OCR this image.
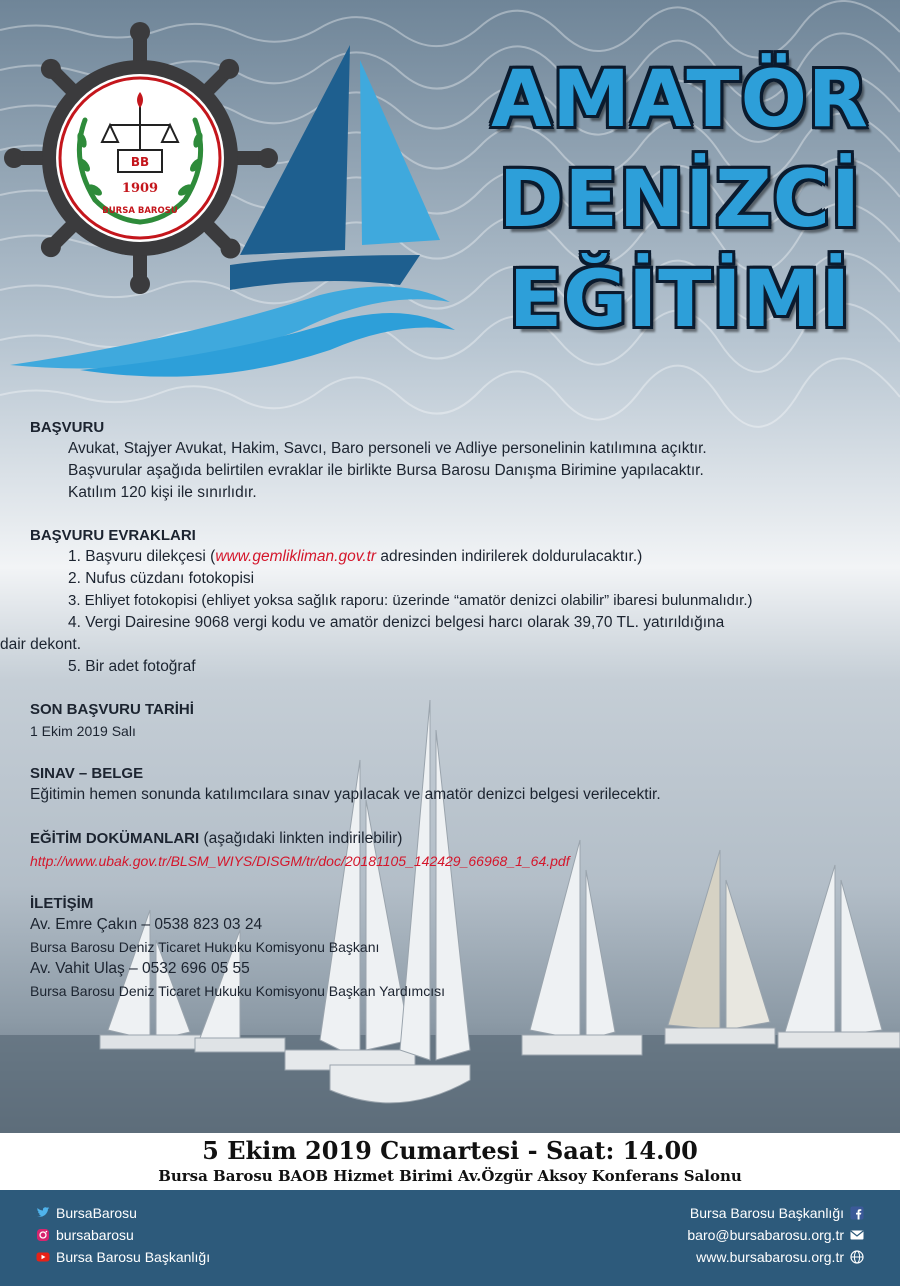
BB
1909
BURSA BAROSU
AMATÖR
DENİZCİ
EĞİTİMİ
BAŞVURU
Avukat, Stajyer Avukat, Hakim, Savcı, Baro personeli ve Adliye personelinin katılımına açıktır.
Başvurular aşağıda belirtilen evraklar ile birlikte Bursa Barosu Danışma Birimine yapılacaktır.
Katılım 120 kişi ile sınırlıdır.
BAŞVURU EVRAKLARI
1. Başvuru dilekçesi (www.gemlikliman.gov.tr adresinden indirilerek doldurulacaktır.)
2. Nufus cüzdanı fotokopisi
3. Ehliyet fotokopisi (ehliyet yoksa sağlık raporu: üzerinde “amatör denizci olabilir” ibaresi bulunmalıdır.)
4. Vergi Dairesine 9068 vergi kodu ve amatör denizci belgesi harcı olarak 39,70 TL. yatırıldığına
dair dekont.
5. Bir adet fotoğraf
SON BAŞVURU TARİHİ
1 Ekim 2019 Salı
SINAV – BELGE
Eğitimin hemen sonunda katılımcılara sınav yapılacak ve amatör denizci belgesi verilecektir.
EĞİTİM DOKÜMANLARI (aşağıdaki linkten indirilebilir)
http://www.ubak.gov.tr/BLSM_WIYS/DISGM/tr/doc/20181105_142429_66968_1_64.pdf
İLETİŞİM
Av. Emre Çakın – 0538 823 03 24
Bursa Barosu Deniz Ticaret Hukuku Komisyonu Başkanı
Av. Vahit Ulaş – 0532 696 05 55
Bursa Barosu Deniz Ticaret Hukuku Komisyonu Başkan Yardımcısı
5 Ekim 2019 Cumartesi - Saat: 14.00
Bursa Barosu BAOB Hizmet Birimi Av.Özgür Aksoy Konferans Salonu
BursaBarosu
bursabarosu
Bursa Barosu Başkanlığı
Bursa Barosu Başkanlığı
baro@bursabarosu.org.tr
www.bursabarosu.org.tr
